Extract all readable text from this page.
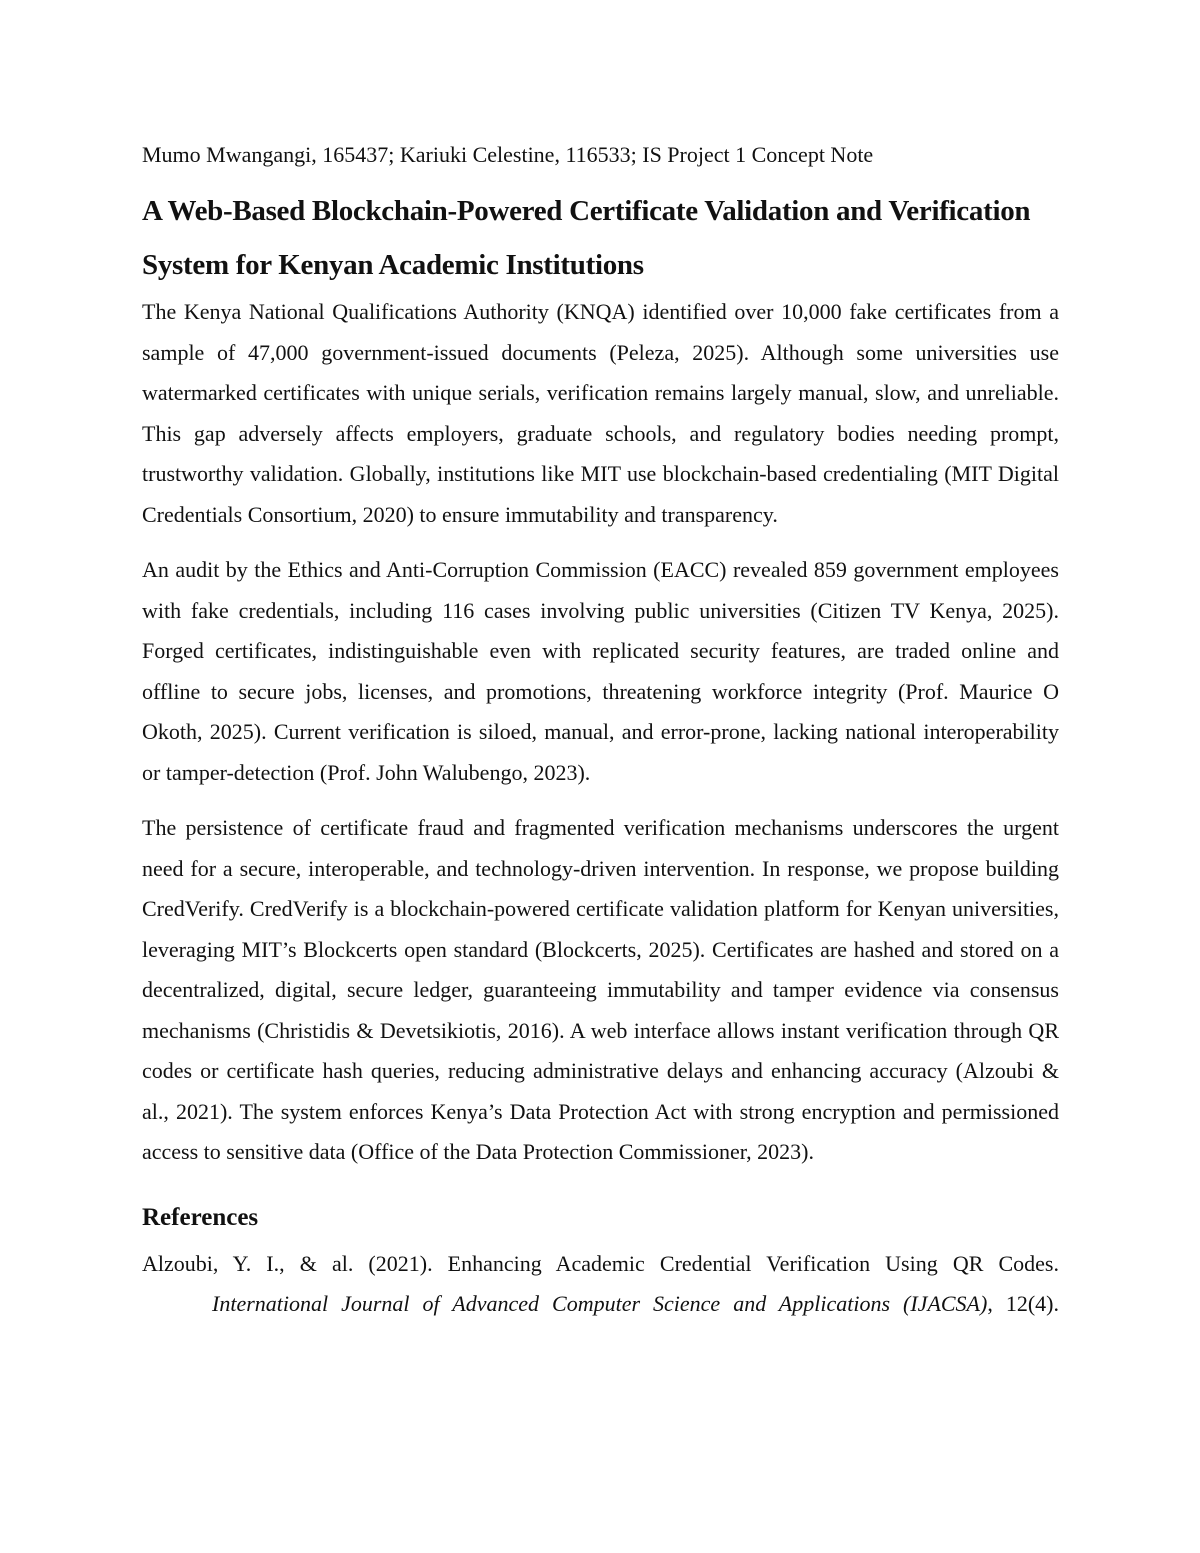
Mumo Mwangangi, 165437; Kariuki Celestine, 116533; IS Project 1 Concept Note

A Web-Based Blockchain-Powered Certificate Validation and Verification System for Kenyan Academic Institutions

The Kenya National Qualifications Authority (KNQA) identified over 10,000 fake certificates from a sample of 47,000 government-issued documents (Peleza, 2025). Although some universities use watermarked certificates with unique serials, verification remains largely manual, slow, and unreliable. This gap adversely affects employers, graduate schools, and regulatory bodies needing prompt, trustworthy validation. Globally, institutions like MIT use blockchain-based credentialing (MIT Digital Credentials Consortium, 2020) to ensure immutability and transparency.

An audit by the Ethics and Anti-Corruption Commission (EACC) revealed 859 government employees with fake credentials, including 116 cases involving public universities (Citizen TV Kenya, 2025). Forged certificates, indistinguishable even with replicated security features, are traded online and offline to secure jobs, licenses, and promotions, threatening workforce integrity (Prof. Maurice O Okoth, 2025). Current verification is siloed, manual, and error-prone, lacking national interoperability or tamper-detection (Prof. John Walubengo, 2023).

The persistence of certificate fraud and fragmented verification mechanisms underscores the urgent need for a secure, interoperable, and technology-driven intervention. In response, we propose building CredVerify. CredVerify is a blockchain-powered certificate validation platform for Kenyan universities, leveraging MIT’s Blockcerts open standard (Blockcerts, 2025). Certificates are hashed and stored on a decentralized, digital, secure ledger, guaranteeing immutability and tamper evidence via consensus mechanisms (Christidis & Devetsikiotis, 2016). A web interface allows instant verification through QR codes or certificate hash queries, reducing administrative delays and enhancing accuracy (Alzoubi & al., 2021). The system enforces Kenya’s Data Protection Act with strong encryption and permissioned access to sensitive data (Office of the Data Protection Commissioner, 2023).

References

Alzoubi, Y. I., & al. (2021). Enhancing Academic Credential Verification Using QR Codes. International Journal of Advanced Computer Science and Applications (IJACSA), 12(4).
